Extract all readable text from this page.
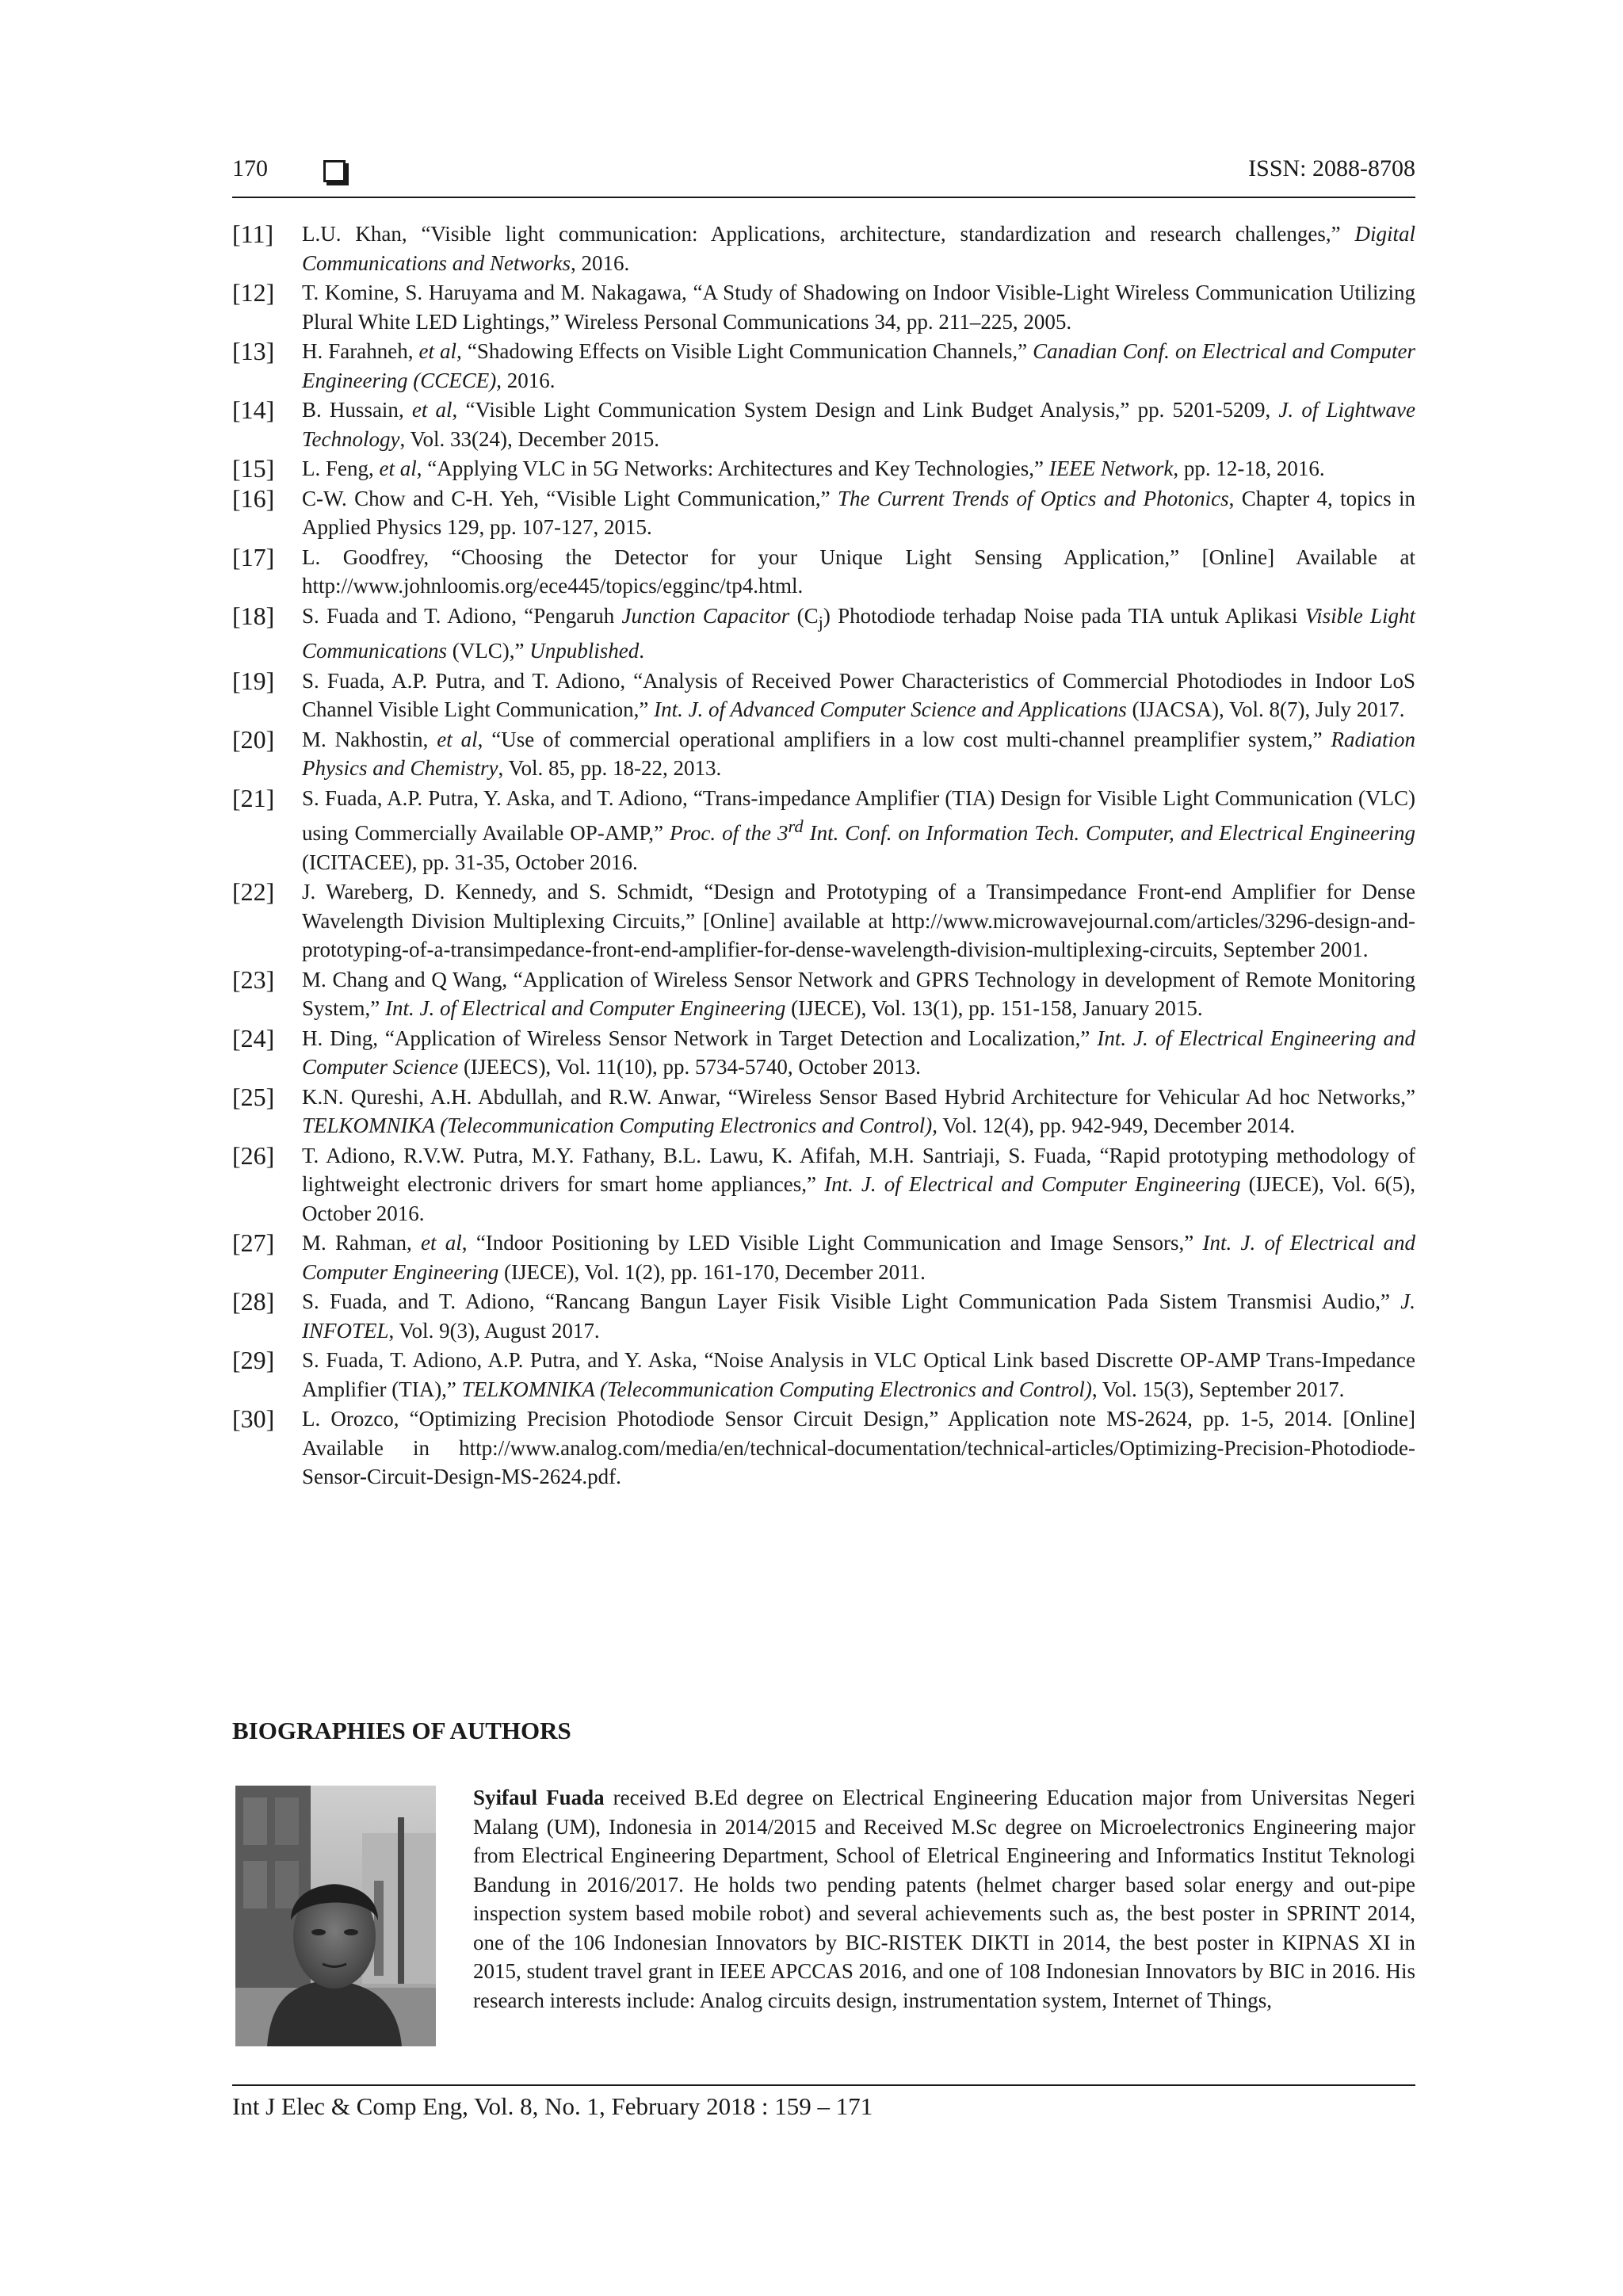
170	ISSN: 2088-8708
[11]	L.U. Khan, “Visible light communication: Applications, architecture, standardization and research challenges,” Digital Communications and Networks, 2016.
[12]	T. Komine, S. Haruyama and M. Nakagawa, “A Study of Shadowing on Indoor Visible-Light Wireless Communication Utilizing Plural White LED Lightings,” Wireless Personal Communications 34, pp. 211–225, 2005.
[13]	H. Farahneh, et al, “Shadowing Effects on Visible Light Communication Channels,” Canadian Conf. on Electrical and Computer Engineering (CCECE), 2016.
[14]	B. Hussain, et al, “Visible Light Communication System Design and Link Budget Analysis,” pp. 5201-5209, J. of Lightwave Technology, Vol. 33(24), December 2015.
[15]	L. Feng, et al, “Applying VLC in 5G Networks: Architectures and Key Technologies,” IEEE Network, pp. 12-18, 2016.
[16]	C-W. Chow and C-H. Yeh, “Visible Light Communication,” The Current Trends of Optics and Photonics, Chapter 4, topics in Applied Physics 129, pp. 107-127, 2015.
[17]	L. Goodfrey, “Choosing the Detector for your Unique Light Sensing Application,” [Online] Available at http://www.johnloomis.org/ece445/topics/egginc/tp4.html.
[18]	S. Fuada and T. Adiono, “Pengaruh Junction Capacitor $(C_j)$ Photodiode terhadap Noise pada TIA untuk Aplikasi Visible Light Communications (VLC),” Unpublished.
[19]	S. Fuada, A.P. Putra, and T. Adiono, “Analysis of Received Power Characteristics of Commercial Photodiodes in Indoor LoS Channel Visible Light Communication,” Int. J. of Advanced Computer Science and Applications (IJACSA), Vol. 8(7), July 2017.
[20]	M. Nakhostin, et al, “Use of commercial operational amplifiers in a low cost multi-channel preamplifier system,” Radiation Physics and Chemistry, Vol. 85, pp. 18-22, 2013.
[21]	S. Fuada, A.P. Putra, Y. Aska, and T. Adiono, “Trans-impedance Amplifier (TIA) Design for Visible Light Communication (VLC) using Commercially Available OP-AMP,” Proc. of the 3rd Int. Conf. on Information Tech. Computer, and Electrical Engineering (ICITACEE), pp. 31-35, October 2016.
[22]	J. Wareberg, D. Kennedy, and S. Schmidt, “Design and Prototyping of a Transimpedance Front-end Amplifier for Dense Wavelength Division Multiplexing Circuits,” [Online] available at http://www.microwavejournal.com/articles/3296-design-and-prototyping-of-a-transimpedance-front-end-amplifier-for-dense-wavelength-division-multiplexing-circuits, September 2001.
[23]	M. Chang and Q Wang, “Application of Wireless Sensor Network and GPRS Technology in development of Remote Monitoring System,” Int. J. of Electrical and Computer Engineering (IJECE), Vol. 13(1), pp. 151-158, January 2015.
[24]	H. Ding, “Application of Wireless Sensor Network in Target Detection and Localization,” Int. J. of Electrical Engineering and Computer Science (IJEECS), Vol. 11(10), pp. 5734-5740, October 2013.
[25]	K.N. Qureshi, A.H. Abdullah, and R.W. Anwar, “Wireless Sensor Based Hybrid Architecture for Vehicular Ad hoc Networks,” TELKOMNIKA (Telecommunication Computing Electronics and Control), Vol. 12(4), pp. 942-949, December 2014.
[26]	T. Adiono, R.V.W. Putra, M.Y. Fathany, B.L. Lawu, K. Afifah, M.H. Santriaji, S. Fuada, “Rapid prototyping methodology of lightweight electronic drivers for smart home appliances,” Int. J. of Electrical and Computer Engineering (IJECE), Vol. 6(5), October 2016.
[27]	M. Rahman, et al, “Indoor Positioning by LED Visible Light Communication and Image Sensors,” Int. J. of Electrical and Computer Engineering (IJECE), Vol. 1(2), pp. 161-170, December 2011.
[28]	S. Fuada, and T. Adiono, “Rancang Bangun Layer Fisik Visible Light Communication Pada Sistem Transmisi Audio,” J. INFOTEL, Vol. 9(3), August 2017.
[29]	S. Fuada, T. Adiono, A.P. Putra, and Y. Aska, “Noise Analysis in VLC Optical Link based Discrette OP-AMP Trans-Impedance Amplifier (TIA),” TELKOMNIKA (Telecommunication Computing Electronics and Control), Vol. 15(3), September 2017.
[30]	L. Orozco, “Optimizing Precision Photodiode Sensor Circuit Design,” Application note MS-2624, pp. 1-5, 2014. [Online] Available in http://www.analog.com/media/en/technical-documentation/technical-articles/Optimizing-Precision-Photodiode-Sensor-Circuit-Design-MS-2624.pdf.
BIOGRAPHIES OF AUTHORS
Syifaul Fuada received B.Ed degree on Electrical Engineering Education major from Universitas Negeri Malang (UM), Indonesia in 2014/2015 and Received M.Sc degree on Microelectronics Engineering major from Electrical Engineering Department, School of Eletrical Engineering and Informatics Institut Teknologi Bandung in 2016/2017. He holds two pending patents (helmet charger based solar energy and out-pipe inspection system based mobile robot) and several achievements such as, the best poster in SPRINT 2014, one of the 106 Indonesian Innovators by BIC-RISTEK DIKTI in 2014, the best poster in KIPNAS XI in 2015, student travel grant in IEEE APCCAS 2016, and one of 108 Indonesian Innovators by BIC in 2016. His research interests include: Analog circuits design, instrumentation system, Internet of Things,
Int J Elec & Comp Eng, Vol. 8, No. 1, February 2018 : 159 – 171
